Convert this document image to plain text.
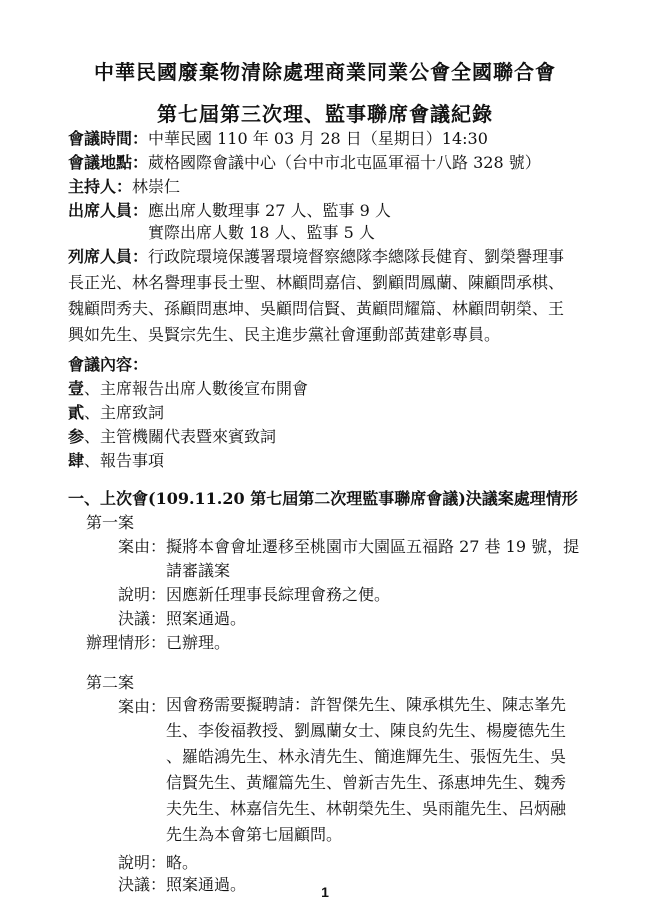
中華民國廢棄物清除處理商業同業公會全國聯合會
第七屆第三次理、監事聯席會議紀錄
會議時間：中華民國 110 年 03 月 28 日（星期日）14:30
會議地點：葳格國際會議中心（台中市北屯區軍福十八路 328 號）
主持人：林崇仁
出席人員：應出席人數理事 27 人、監事 9 人
實際出席人數 18 人、監事 5 人
列席人員：行政院環境保護署環境督察總隊李總隊長健育、劉榮譽理事
長正光、林名譽理事長士聖、林顧問嘉信、劉顧問鳳蘭、陳顧問承棋、
魏顧問秀夫、孫顧問惠坤、吳顧問信賢、黃顧問耀篇、林顧問朝榮、王
興如先生、吳賢宗先生、民主進步黨社會運動部黃建彰專員。
會議內容：
壹、主席報告出席人數後宣布開會
貳、主席致詞
参、主管機關代表暨來賓致詞
肆、報告事項
一、上次會(109.11.20 第七屆第二次理監事聯席會議)決議案處理情形
第一案
案由：擬將本會會址遷移至桃園市大園區五福路 27 巷 19 號，提
請審議案
說明：因應新任理事長綜理會務之便。
決議：照案通過。
辦理情形：已辦理。
第二案
案由： 因會務需要擬聘請：許智傑先生、陳承棋先生、陳志峯先
生、李俊福教授、劉鳳蘭女士、陳良約先生、楊慶德先生
、羅皓鴻先生、林永清先生、簡進輝先生、張恆先生、吳
信賢先生、黃耀篇先生、曾新吉先生、孫惠坤先生、魏秀
夫先生、林嘉信先生、林朝榮先生、吳雨龍先生、呂炳融
先生為本會第七屆顧問。
說明：略。
決議：照案通過。	1
